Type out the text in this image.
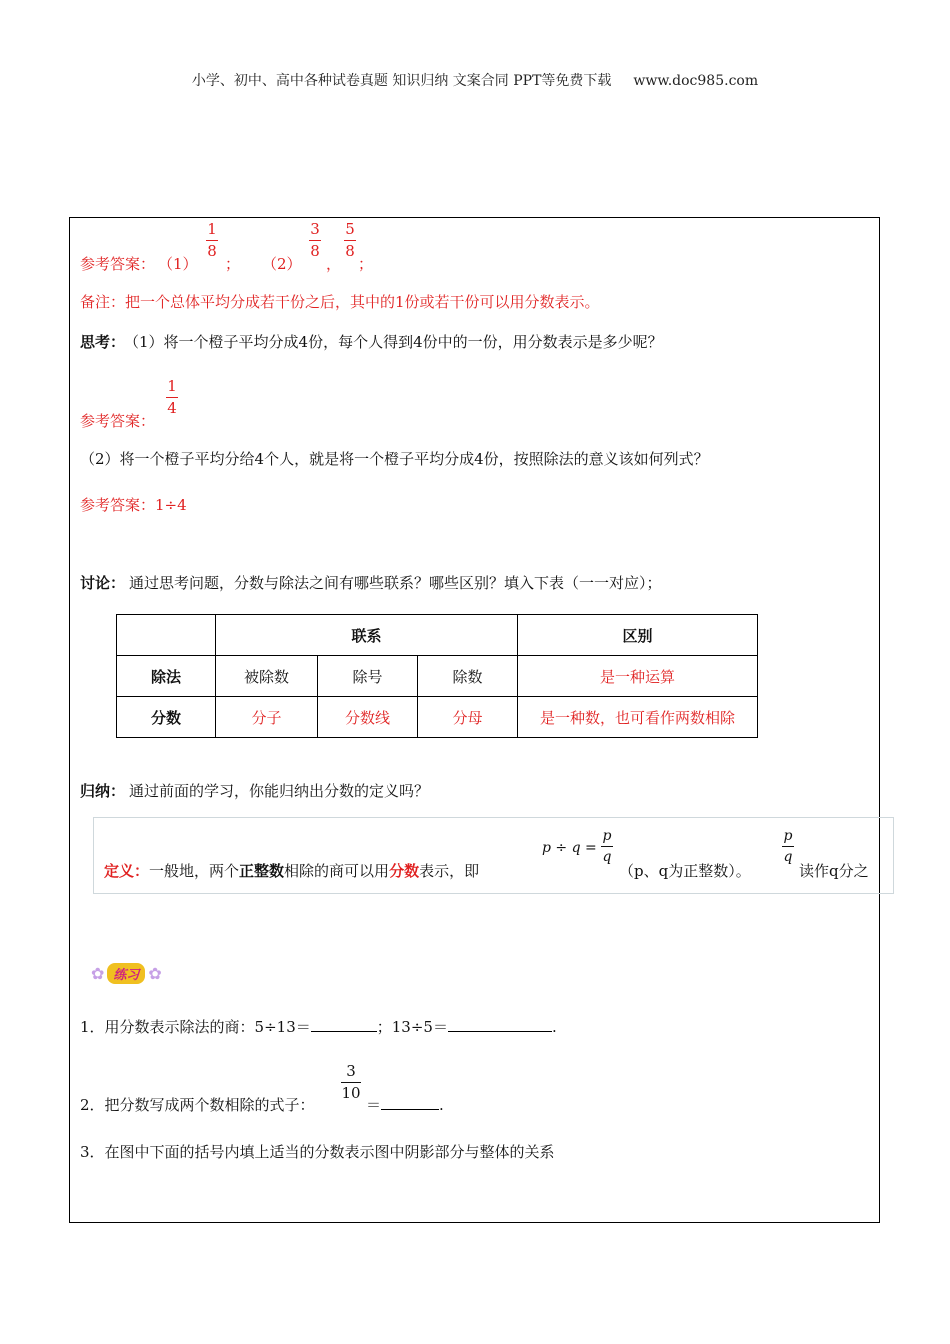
小学、初中、高中各种试卷真题 知识归纳 文案合同 PPT等免费下载 www.doc985.com
参考答案： （1）
1
8
； （2）
3
8
，
5
8
；
备注：把一个总体平均分成若干份之后，其中的1份或若干份可以用分数表示。
思考：
（1）将一个橙子平均分成4份，每个人得到4份中的一份，用分数表示是多少呢？
参考答案：
1
4
（2）将一个橙子平均分给4个人，就是将一个橙子平均分成4份，按照除法的意义该如何列式？
参考答案：1÷4
讨论： 通过思考问题，分数与除法之间有哪些联系？哪些区别？填入下表（一一对应）；
	联系			区别
除法	被除数	除号	除数	是一种运算
分数	分子	分数线	分母	是一种数，也可看作两数相除
归纳： 通过前面的学习，你能归纳出分数的定义吗？
定义：一般地，两个正整数相除的商可以用分数表示，即
p ÷ q =
p
q
（p、q为正整数）。
p
q
读作q分之
✿ 练习 ✿
1．用分数表示除法的商：5÷13＝	；13÷5＝	.
2．把分数写成两个数相除的式子：
3
10
＝	.
3．在图中下面的括号内填上适当的分数表示图中阴影部分与整体的关系
